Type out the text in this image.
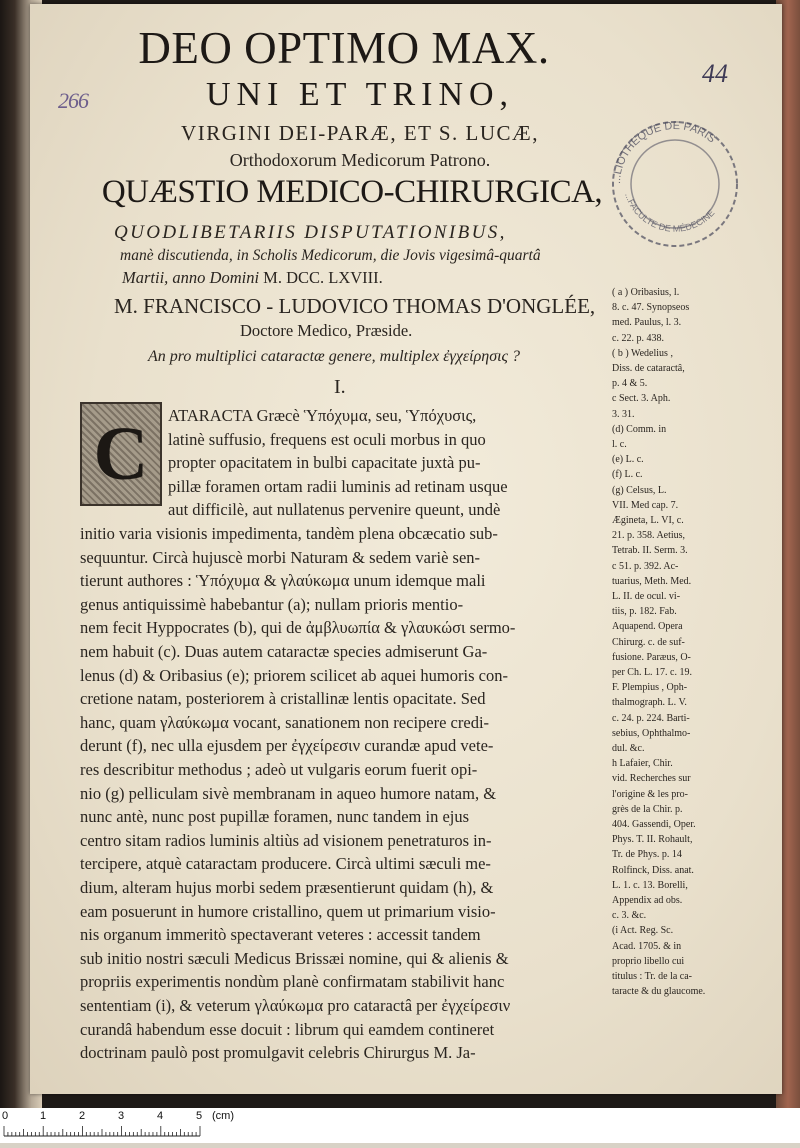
DEO OPTIMO MAX.
UNI ET TRINO,
VIRGINI DEI-PARÆ, ET S. LUCÆ,
Orthodoxorum Medicorum Patrono.
QUÆSTIO MEDICO-CHIRURGICA,
QUODLIBETARIIS DISPUTATIONIBUS,
manè discutienda, in Scholis Medicorum, die Jovis vigesimâ-quartâ
Martii, anno Domini M. DCC. LXVIII.
M. FRANCISCO - LUDOVICO THOMAS D'ONGLÉE,
Doctore Medico, Præside.
An pro multiplici cataractæ genere, multiplex ἐγχείρησις ?
I.
C	ATARACTA Græcè Ὑπόχυμα, seu, Ὑπόχυσις,
latinè suffusio, frequens est oculi morbus in quo
propter opacitatem in bulbi capacitate juxtà pu-
pillæ foramen ortam radii luminis ad retinam usque
aut difficilè, aut nullatenus pervenire queunt, undè
initio varia visionis impedimenta, tandèm plena obcæcatio sub-
sequuntur. Circà hujuscè morbi Naturam & sedem variè sen-
tierunt authores : Ὑπόχυμα & γλαύκωμα unum idemque mali
genus antiquissimè habebantur (a); nullam prioris mentio-
nem fecit Hyppocrates (b), qui de ἀμβλυωπία & γλαυκώσι sermo-
nem habuit (c). Duas autem cataractæ species admiserunt Ga-
lenus (d) & Oribasius (e); priorem scilicet ab aquei humoris con-
cretione natam, posteriorem à cristallinæ lentis opacitate. Sed
hanc, quam γλαύκωμα vocant, sanationem non recipere credi-
derunt (f), nec ulla ejusdem per ἐγχείρεσιν curandæ apud vete-
res describitur methodus ; adeò ut vulgaris eorum fuerit opi-
nio (g) pelliculam sivè membranam in aqueo humore natam, &
nunc antè, nunc post pupillæ foramen, nunc tandem in ejus
centro sitam radios luminis altiùs ad visionem penetraturos in-
tercipere, atquè cataractam producere. Circà ultimi sæculi me-
dium, alteram hujus morbi sedem præsentierunt quidam (h), &
eam posuerunt in humore cristallino, quem ut primarium visio-
nis organum immeritò spectaverant veteres : accessit tandem
sub initio nostri sæculi Medicus Brissæi nomine, qui & alienis &
propriis experimentis nondùm planè confirmatam stabilivit hanc
sententiam (i), & veterum γλαύκωμα pro cataractâ per ἐγχείρεσιν
curandâ habendum esse docuit : librum qui eamdem contineret
doctrinam paulò post promulgavit celebris Chirurgus M. Ja-
( a ) Oribasius, l.
8. c. 47. Synopseos
med. Paulus, l. 3.
c. 22. p. 438.
( b ) Wedelius ,
Diss. de cataractâ,
p. 4 & 5.
c Sect. 3. Aph.
3. 31.
(d) Comm. in
l. c.
(e) L. c.
(f) L. c.
(g) Celsus, L.
VII. Med cap. 7.
Ægineta, L. VI, c.
21. p. 358. Aetius,
Tetrab. II. Serm. 3.
c 51. p. 392. Ac-
tuarius, Meth. Med.
L. II. de ocul. vi-
tiis, p. 182. Fab.
Aquapend. Opera
Chirurg. c. de suf-
fusione. Paræus, O-
per Ch. L. 17. c. 19.
F. Plempius , Oph-
thalmograph. L. V.
c. 24. p. 224. Barti-
sebius, Ophthalmo-
dul. &c.
h Lafaier, Chir.
vid. Recherches sur
l'origine & les pro-
grès de la Chir. p.
404. Gassendi, Oper.
Phys. T. II. Rohault,
Tr. de Phys. p. 14
Rolfinck, Diss. anat.
L. 1. c. 13. Borelli,
Appendix ad obs.
c. 3. &c.
(i Act. Reg. Sc.
Acad. 1705. & in
proprio libello cui
titulus : Tr. de la ca-
taracte & du glaucome.
266
44
...LIOTHEQUE DE PARIS
...FACULTE DE MÉDECINE
0	1	2	3	4	5 (cm)
